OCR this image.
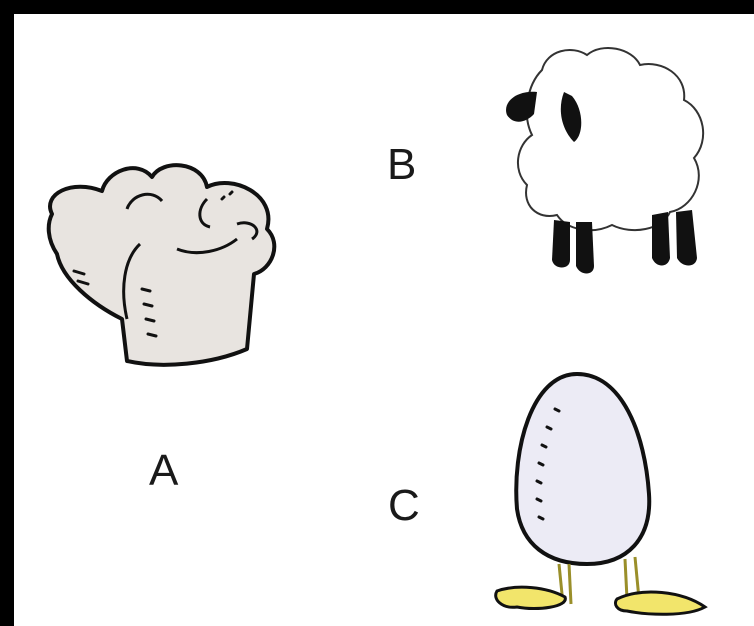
A
B
C
